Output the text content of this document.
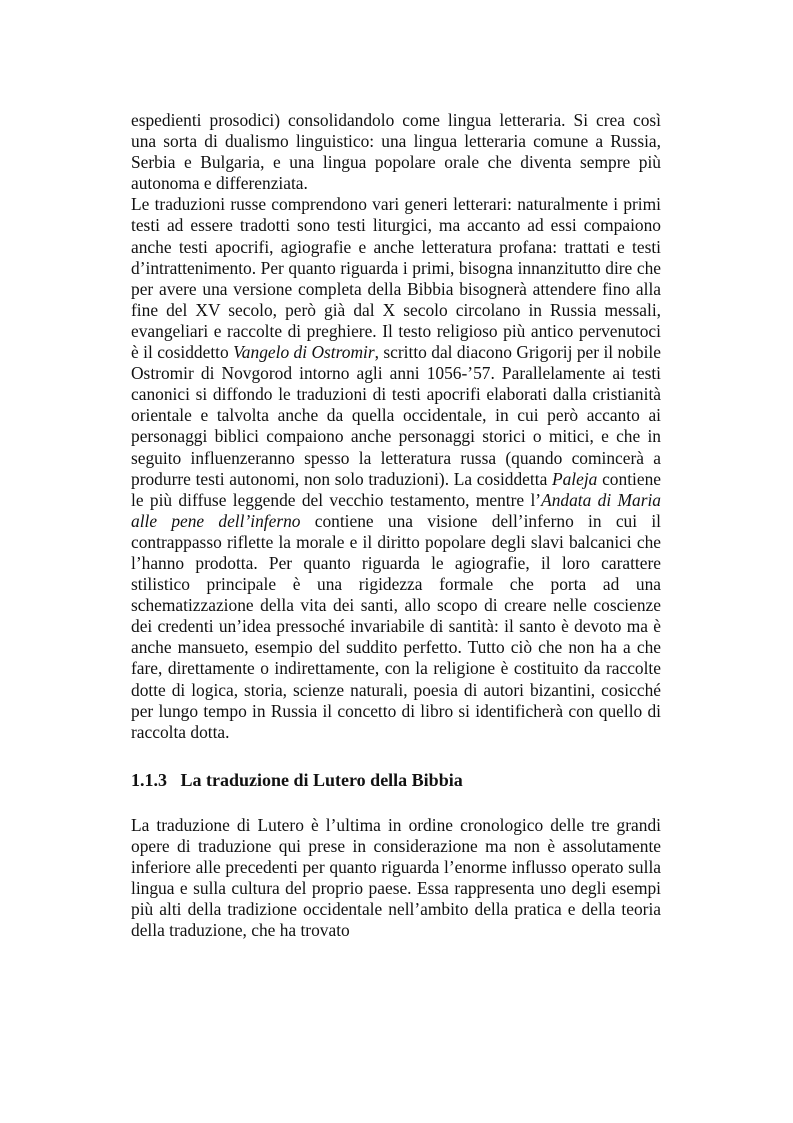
espedienti prosodici) consolidandolo come lingua letteraria. Si crea così una sorta di dualismo linguistico: una lingua letteraria comune a Russia, Serbia e Bulgaria, e una lingua popolare orale che diventa sempre più autonoma e differenziata.

Le traduzioni russe comprendono vari generi letterari: naturalmente i primi testi ad essere tradotti sono testi liturgici, ma accanto ad essi compaiono anche testi apocrifi, agiografie e anche letteratura profana: trattati e testi d’intrattenimento. Per quanto riguarda i primi, bisogna innanzitutto dire che per avere una versione completa della Bibbia bisognerà attendere fino alla fine del XV secolo, però già dal X secolo circolano in Russia messali, evangeliari e raccolte di preghiere. Il testo religioso più antico pervenutoci è il cosiddetto Vangelo di Ostromir, scritto dal diacono Grigorij per il nobile Ostromir di Novgorod intorno agli anni 1056-’57. Parallelamente ai testi canonici si diffondo le traduzioni di testi apocrifi elaborati dalla cristianità orientale e talvolta anche da quella occidentale, in cui però accanto ai personaggi biblici compaiono anche personaggi storici o mitici, e che in seguito influenzeranno spesso la letteratura russa (quando comincerà a produrre testi autonomi, non solo traduzioni). La cosiddetta Paleja contiene le più diffuse leggende del vecchio testamento, mentre l’Andata di Maria alle pene dell’inferno contiene una visione dell’inferno in cui il contrappasso riflette la morale e il diritto popolare degli slavi balcanici che l’hanno prodotta. Per quanto riguarda le agiografie, il loro carattere stilistico principale è una rigidezza formale che porta ad una schematizzazione della vita dei santi, allo scopo di creare nelle coscienze dei credenti un’idea pressoché invariabile di santità: il santo è devoto ma è anche mansueto, esempio del suddito perfetto. Tutto ciò che non ha a che fare, direttamente o indirettamente, con la religione è costituito da raccolte dotte di logica, storia, scienze naturali, poesia di autori bizantini, cosicché per lungo tempo in Russia il concetto di libro si identificherà con quello di raccolta dotta.

1.1.3 La traduzione di Lutero della Bibbia

La traduzione di Lutero è l’ultima in ordine cronologico delle tre grandi opere di traduzione qui prese in considerazione ma non è assolutamente inferiore alle precedenti per quanto riguarda l’enorme influsso operato sulla lingua e sulla cultura del proprio paese. Essa rappresenta uno degli esempi più alti della tradizione occidentale nell’ambito della pratica e della teoria della traduzione, che ha trovato
